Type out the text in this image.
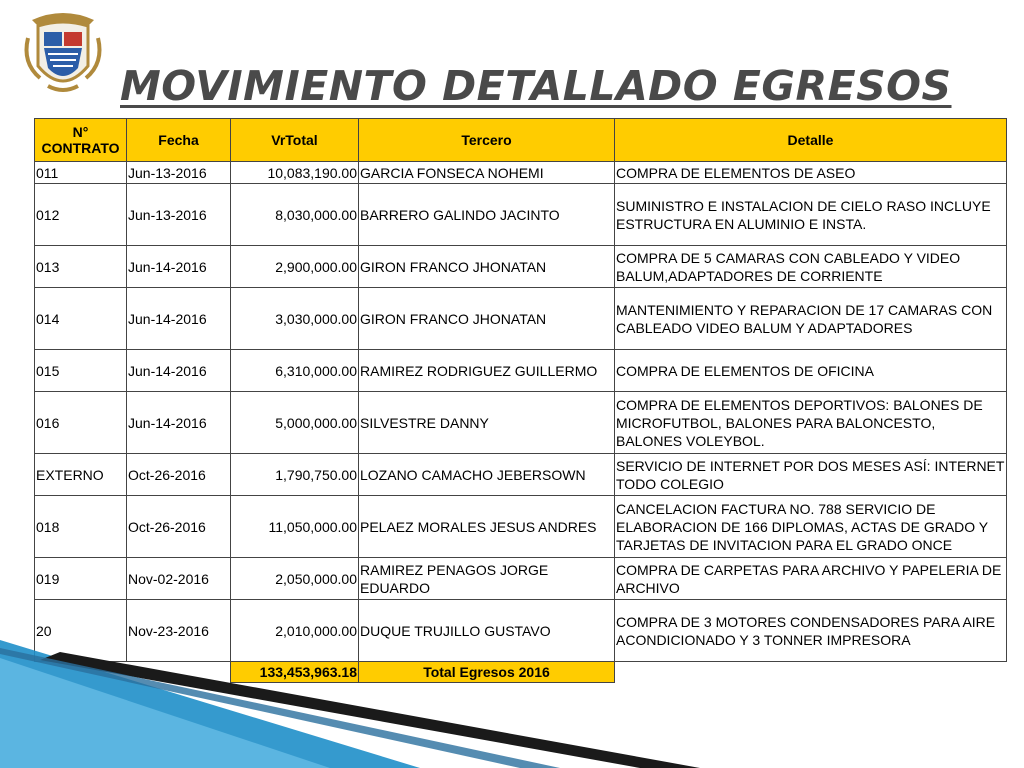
MOVIMIENTO DETALLADO EGRESOS
N° CONTRATO	Fecha	VrTotal	Tercero	Detalle
011	Jun-13-2016	10,083,190.00	GARCIA FONSECA NOHEMI	COMPRA DE ELEMENTOS DE ASEO
012	Jun-13-2016	8,030,000.00	BARRERO GALINDO JACINTO	SUMINISTRO E INSTALACION DE CIELO RASO INCLUYE ESTRUCTURA EN ALUMINIO E INSTA.
013	Jun-14-2016	2,900,000.00	GIRON FRANCO JHONATAN	COMPRA DE 5 CAMARAS CON CABLEADO Y VIDEO BALUM,ADAPTADORES DE CORRIENTE
014	Jun-14-2016	3,030,000.00	GIRON FRANCO JHONATAN	MANTENIMIENTO Y REPARACION DE 17 CAMARAS CON CABLEADO VIDEO BALUM Y ADAPTADORES
015	Jun-14-2016	6,310,000.00	RAMIREZ RODRIGUEZ GUILLERMO	COMPRA DE ELEMENTOS DE OFICINA
016	Jun-14-2016	5,000,000.00	SILVESTRE DANNY	COMPRA DE ELEMENTOS DEPORTIVOS: BALONES DE MICROFUTBOL, BALONES PARA BALONCESTO, BALONES VOLEYBOL.
EXTERNO	Oct-26-2016	1,790,750.00	LOZANO CAMACHO JEBERSOWN	SERVICIO DE INTERNET POR DOS MESES ASÍ: INTERNET TODO COLEGIO
018	Oct-26-2016	11,050,000.00	PELAEZ MORALES JESUS ANDRES	CANCELACION FACTURA NO. 788 SERVICIO DE ELABORACION DE 166 DIPLOMAS, ACTAS DE GRADO Y TARJETAS DE INVITACION PARA EL GRADO ONCE
019	Nov-02-2016	2,050,000.00	RAMIREZ PENAGOS JORGE EDUARDO	COMPRA DE CARPETAS PARA ARCHIVO Y PAPELERIA DE ARCHIVO
20	Nov-23-2016	2,010,000.00	DUQUE TRUJILLO GUSTAVO	COMPRA DE 3 MOTORES CONDENSADORES PARA AIRE ACONDICIONADO Y 3 TONNER IMPRESORA
		133,453,963.18	Total Egresos 2016	
